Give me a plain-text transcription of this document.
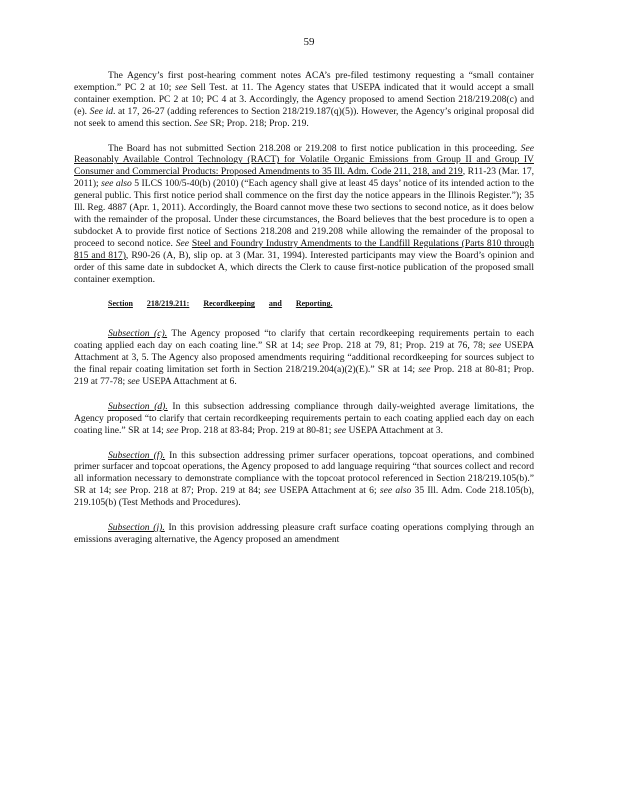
59

The Agency’s first post-hearing comment notes ACA’s pre-filed testimony requesting a “small container exemption.” PC 2 at 10; see Sell Test. at 11. The Agency states that USEPA indicated that it would accept a small container exemption. PC 2 at 10; PC 4 at 3. Accordingly, the Agency proposed to amend Section 218/219.208(c) and (e). See id. at 17, 26-27 (adding references to Section 218/219.187(q)(5)). However, the Agency’s original proposal did not seek to amend this section. See SR; Prop. 218; Prop. 219.

The Board has not submitted Section 218.208 or 219.208 to first notice publication in this proceeding. See Reasonably Available Control Technology (RACT) for Volatile Organic Emissions from Group II and Group IV Consumer and Commercial Products: Proposed Amendments to 35 Ill. Adm. Code 211, 218, and 219, R11-23 (Mar. 17, 2011); see also 5 ILCS 100/5-40(b) (2010) (“Each agency shall give at least 45 days’ notice of its intended action to the general public. This first notice period shall commence on the first day the notice appears in the Illinois Register.”); 35 Ill. Reg. 4887 (Apr. 1, 2011). Accordingly, the Board cannot move these two sections to second notice, as it does below with the remainder of the proposal. Under these circumstances, the Board believes that the best procedure is to open a subdocket A to provide first notice of Sections 218.208 and 219.208 while allowing the remainder of the proposal to proceed to second notice. See Steel and Foundry Industry Amendments to the Landfill Regulations (Parts 810 through 815 and 817), R90-26 (A, B), slip op. at 3 (Mar. 31, 1994). Interested participants may view the Board’s opinion and order of this same date in subdocket A, which directs the Clerk to cause first-notice publication of the proposed small container exemption.

Section 218/219.211: Recordkeeping and Reporting.

Subsection (c). The Agency proposed “to clarify that certain recordkeeping requirements pertain to each coating applied each day on each coating line.” SR at 14; see Prop. 218 at 79, 81; Prop. 219 at 76, 78; see USEPA Attachment at 3, 5. The Agency also proposed amendments requiring “additional recordkeeping for sources subject to the final repair coating limitation set forth in Section 218/219.204(a)(2)(E).” SR at 14; see Prop. 218 at 80-81; Prop. 219 at 77-78; see USEPA Attachment at 6.

Subsection (d). In this subsection addressing compliance through daily-weighted average limitations, the Agency proposed “to clarify that certain recordkeeping requirements pertain to each coating applied each day on each coating line.” SR at 14; see Prop. 218 at 83-84; Prop. 219 at 80-81; see USEPA Attachment at 3.

Subsection (f). In this subsection addressing primer surfacer operations, topcoat operations, and combined primer surfacer and topcoat operations, the Agency proposed to add language requiring “that sources collect and record all information necessary to demonstrate compliance with the topcoat protocol referenced in Section 218/219.105(b).” SR at 14; see Prop. 218 at 87; Prop. 219 at 84; see USEPA Attachment at 6; see also 35 Ill. Adm. Code 218.105(b), 219.105(b) (Test Methods and Procedures).

Subsection (j). In this provision addressing pleasure craft surface coating operations complying through an emissions averaging alternative, the Agency proposed an amendment
